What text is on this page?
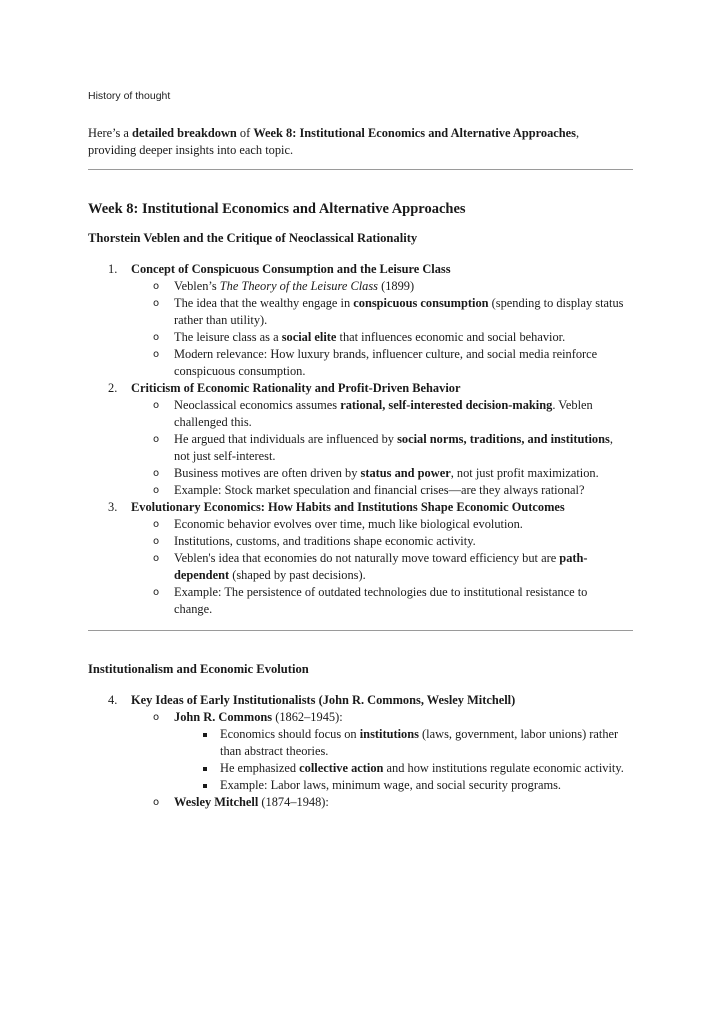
History of thought

Here’s a detailed breakdown of Week 8: Institutional Economics and Alternative Approaches, providing deeper insights into each topic.

Week 8: Institutional Economics and Alternative Approaches
Thorstein Veblen and the Critique of Neoclassical Rationality
1. Concept of Conspicuous Consumption and the Leisure Class
o Veblen’s The Theory of the Leisure Class (1899)
o The idea that the wealthy engage in conspicuous consumption (spending to display status rather than utility).
o The leisure class as a social elite that influences economic and social behavior.
o Modern relevance: How luxury brands, influencer culture, and social media reinforce conspicuous consumption.
2. Criticism of Economic Rationality and Profit-Driven Behavior
o Neoclassical economics assumes rational, self-interested decision-making. Veblen challenged this.
o He argued that individuals are influenced by social norms, traditions, and institutions, not just self-interest.
o Business motives are often driven by status and power, not just profit maximization.
o Example: Stock market speculation and financial crises—are they always rational?
3. Evolutionary Economics: How Habits and Institutions Shape Economic Outcomes
o Economic behavior evolves over time, much like biological evolution.
o Institutions, customs, and traditions shape economic activity.
o Veblen's idea that economies do not naturally move toward efficiency but are path-dependent (shaped by past decisions).
o Example: The persistence of outdated technologies due to institutional resistance to change.
Institutionalism and Economic Evolution
4. Key Ideas of Early Institutionalists (John R. Commons, Wesley Mitchell)
o John R. Commons (1862–1945):
Economics should focus on institutions (laws, government, labor unions) rather than abstract theories.
He emphasized collective action and how institutions regulate economic activity.
Example: Labor laws, minimum wage, and social security programs.
o Wesley Mitchell (1874–1948):
